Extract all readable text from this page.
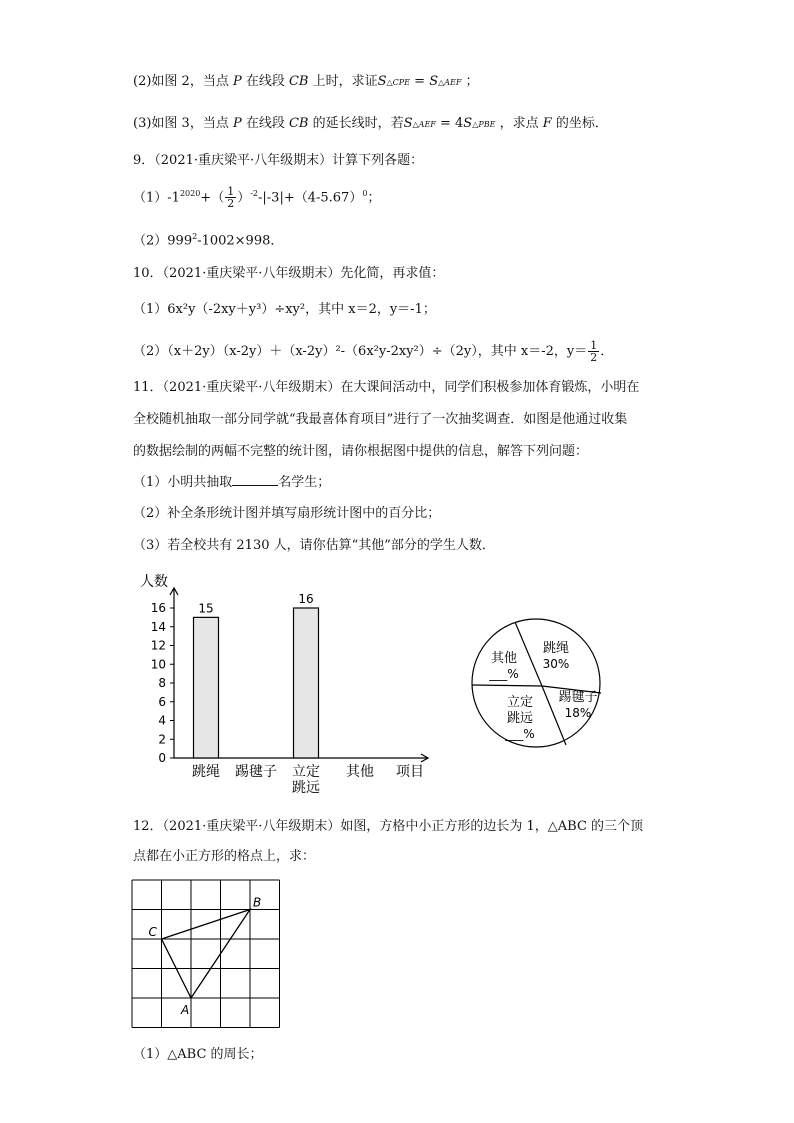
(2)如图 2，当点 P 在线段 CB 上时，求证S△CPE = S△AEF ；
(3)如图 3，当点 P 在线段 CB 的延长线时，若S△AEF = 4S△PBE ，求点 F 的坐标．
9．（2021·重庆梁平·八年级期末）计算下列各题：
$(1)-1^{2020}+( \frac{1}{2} )^{-2}-|-3|+(4-5.67)^0$；
$(2)999^2-1002\times 998$．
10．（2021·重庆梁平·八年级期末）先化简，再求值：
（1）6x²y（-2xy＋y³）÷xy²，其中 x＝2，y＝-1；
（2）（x＋2y）（x-2y）＋（x-2y）²-（6x²y-2xy²）÷（2y），其中 x＝-2，$y= \frac{1}{2}$ ．
11．（2021·重庆梁平·八年级期末）在大课间活动中，同学们积极参加体育锻炼，小明在
全校随机抽取一部分同学就“我最喜体育项目”进行了一次抽奖调查．如图是他通过收集
的数据绘制的两幅不完整的统计图，请你根据图中提供的信息，解答下列问题：
（1）小明共抽取	名学生；
（2）补全条形统计图并填写扇形统计图中的百分比；
（3）若全校共有 2130 人，请你估算“其他”部分的学生人数．
人数
0
2
4
6
8
10
12
14
16	15
跳绳 踢毽子
16
立定
跳远
其他 项目
跳绳
30%
踢毽子
18%
立定
跳远
___%
其他
___%
12．（2021·重庆梁平·八年级期末）如图，方格中小正方形的边长为 1，△ABC 的三个顶
点都在小正方形的格点上，求：
A
B
C
（1）△ABC 的周长；
